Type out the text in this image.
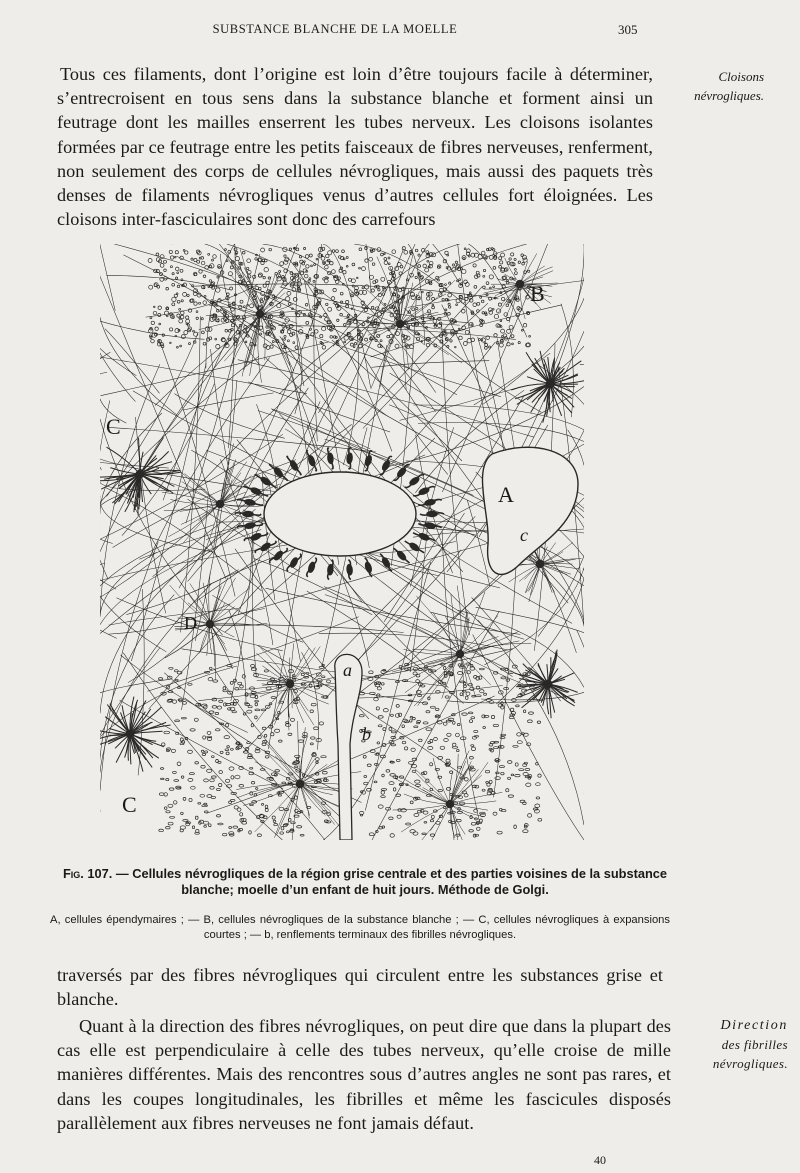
SUBSTANCE BLANCHE DE LA MOELLE	305

Tous ces filaments, dont l’origine est loin d’être toujours facile à déterminer, s’entrecroisent en tous sens dans la substance blanche et forment ainsi un feutrage dont les mailles enserrent les tubes nerveux. Les cloisons isolantes formées par ce feutrage entre les petits faisceaux de fibres nerveuses, renferment, non seulement des corps de cellules névrogliques, mais aussi des paquets très denses de filaments névrogliques venus d’autres cellules fort éloignées. Les cloisons inter-fasciculaires sont donc des carrefours

Cloisons névrogliques.
B
C
A
c
D
a
b
C
Fig. 107. — Cellules névrogliques de la région grise centrale et des parties voisines de la substance blanche; moelle d’un enfant de huit jours. Méthode de Golgi.
A, cellules épendymaires ; — B, cellules névrogliques de la substance blanche ; — C, cellules névrogliques à expansions courtes ; — b, renflements terminaux des fibrilles névrogliques.

traversés par des fibres névrogliques qui circulent entre les substances grise et blanche.

Quant à la direction des fibres névrogliques, on peut dire que dans la plupart des cas elle est perpendiculaire à celle des tubes nerveux, qu’elle croise de mille manières différentes. Mais des rencontres sous d’autres angles ne sont pas rares, et dans les coupes longitudinales, les fibrilles et même les fascicules disposés parallèlement aux fibres nerveuses ne font jamais défaut.

Direction
des fibrilles névrogliques.
40
